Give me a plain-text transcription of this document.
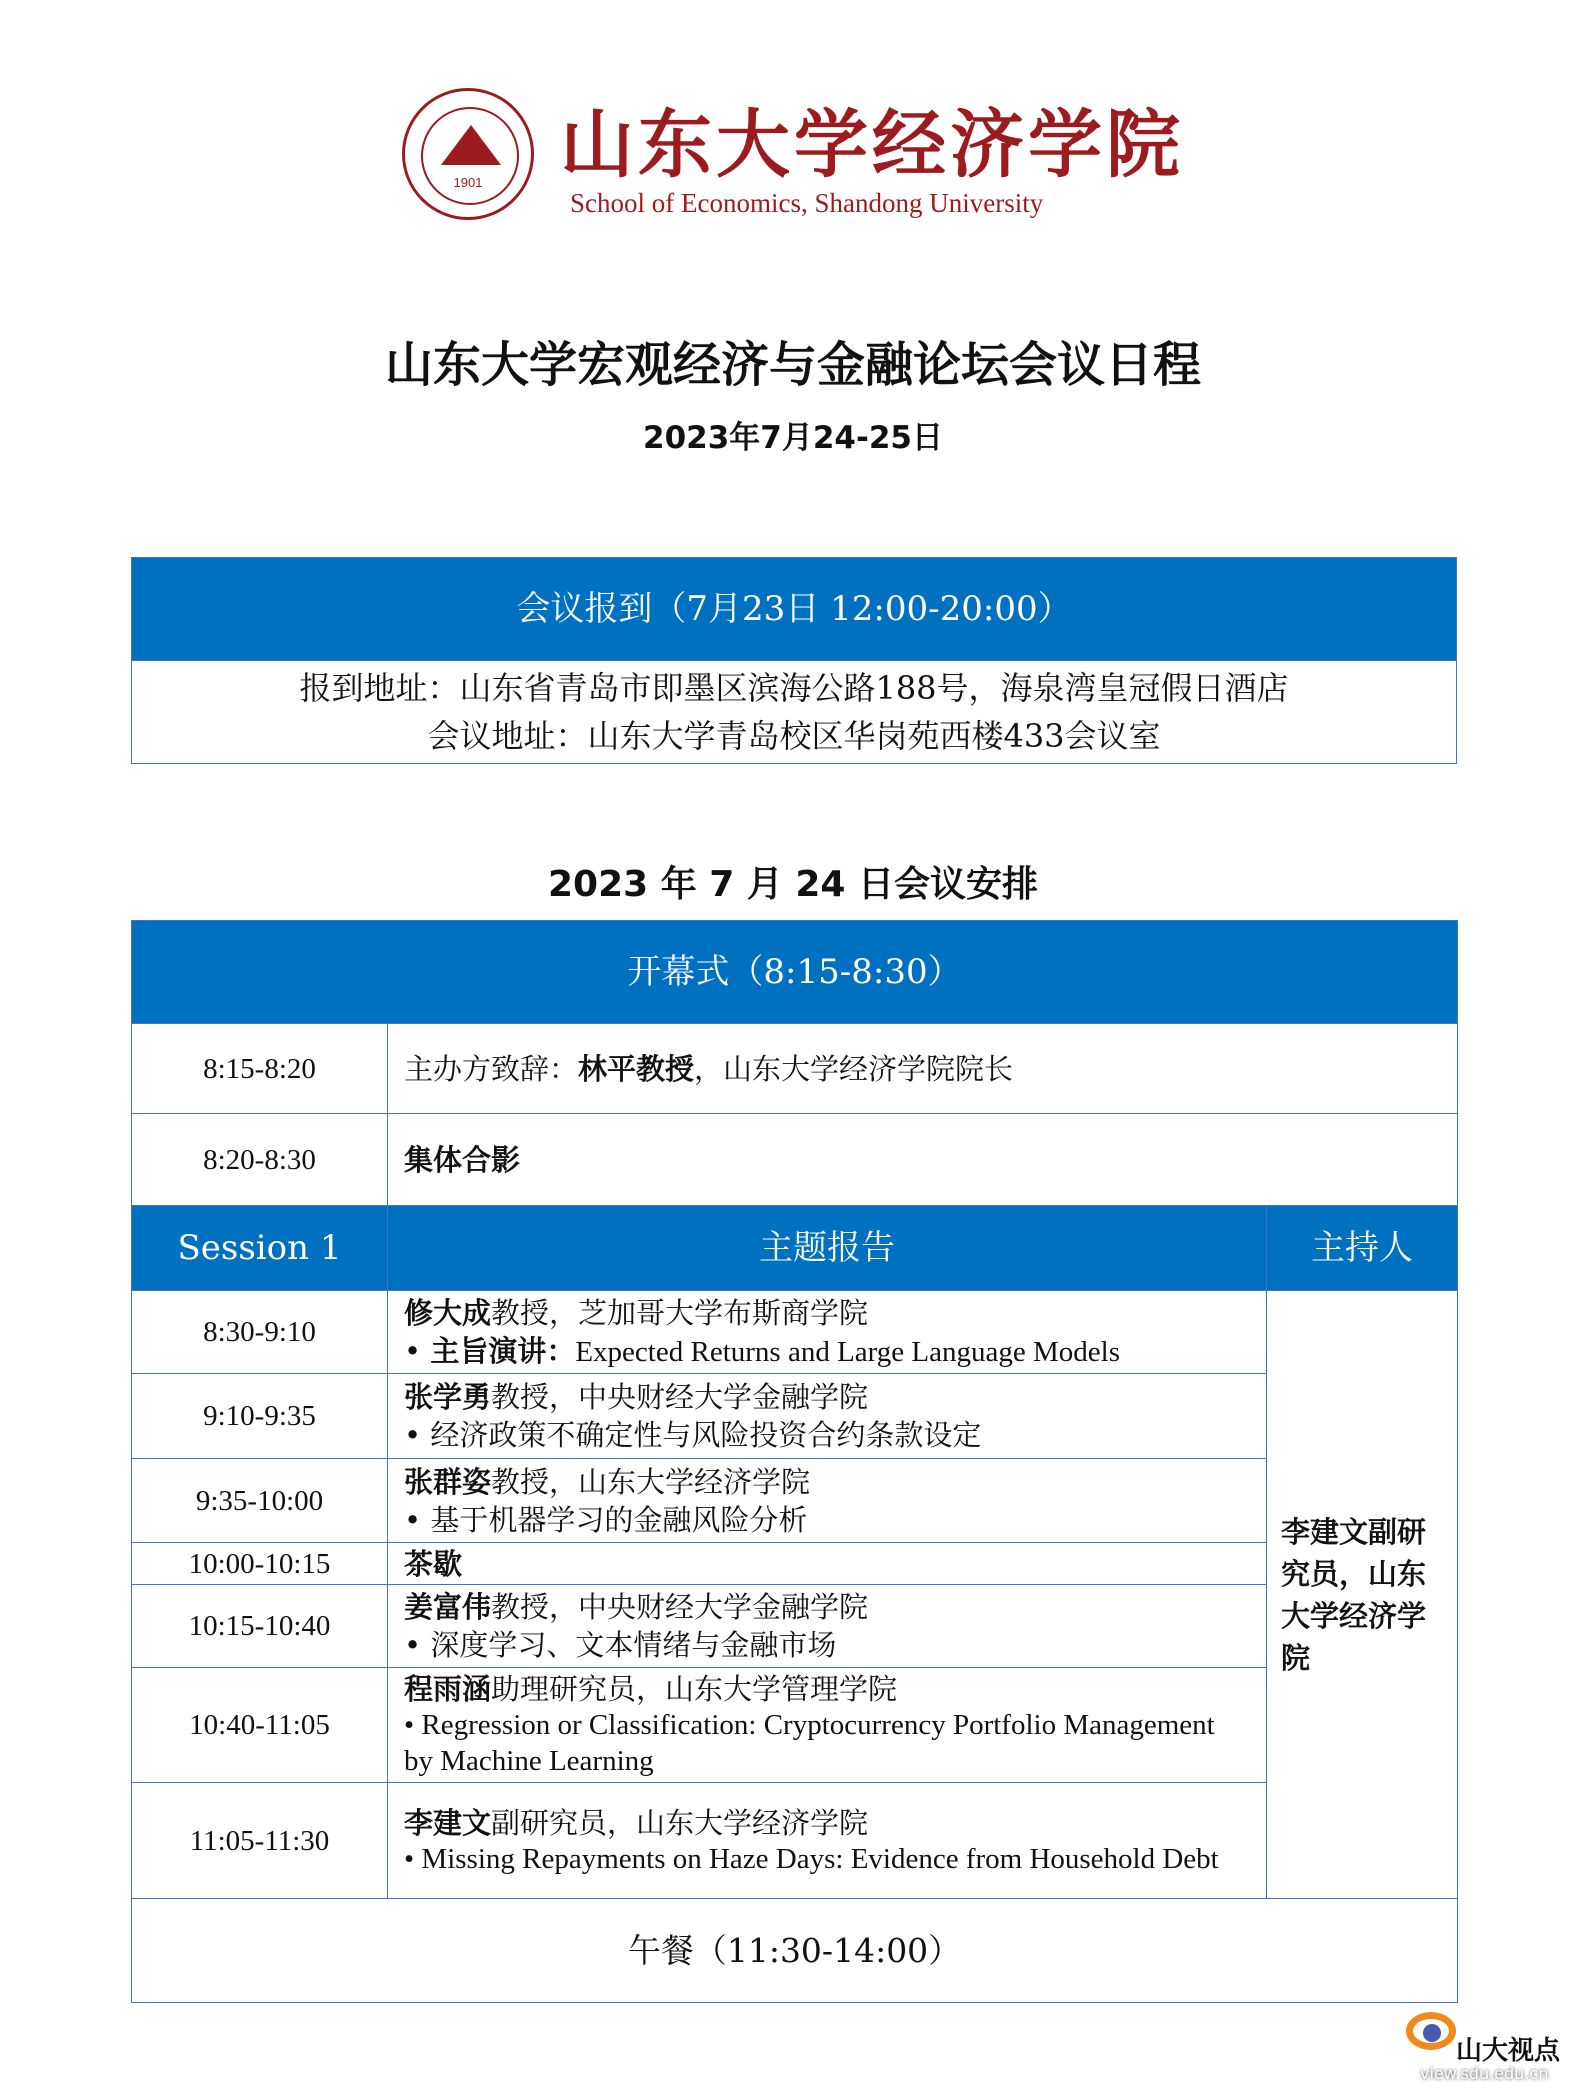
1901	山东大学经济学院
School of Economics, Shandong University
山东大学宏观经济与金融论坛会议日程
2023年7月24-25日
会议报到（7月23日 12:00-20:00）

报到地址：山东省青岛市即墨区滨海公路188号，海泉湾皇冠假日酒店
会议地址：山东大学青岛校区华岗苑西楼433会议室
2023 年 7 月 24 日会议安排
开幕式（8:15-8:30）		
8:15-8:20	主办方致辞：林平教授，山东大学经济学院院长	
8:20-8:30	集体合影	
Session 1	主题报告	主持人
8:30-9:10	修大成教授，芝加哥大学布斯商学院
• 主旨演讲：Expected Returns and Large Language Models	李建文副研究员，山东大学经济学院
9:10-9:35	张学勇教授，中央财经大学金融学院
• 经济政策不确定性与风险投资合约条款设定	

9:35-10:00	张群姿教授，山东大学经济学院
• 基于机器学习的金融风险分析	

10:00-10:15	茶歇	
10:15-10:40	姜富伟教授，中央财经大学金融学院
• 深度学习、文本情绪与金融市场	

10:40-11:05	程雨涵助理研究员，山东大学管理学院
• Regression or Classification: Cryptocurrency Portfolio Management by Machine Learning	

11:05-11:30	李建文副研究员，山东大学经济学院
• Missing Repayments on Haze Days: Evidence from Household Debt	

午餐（11:30-14:00）		
山大视点
view.sdu.edu.cn
